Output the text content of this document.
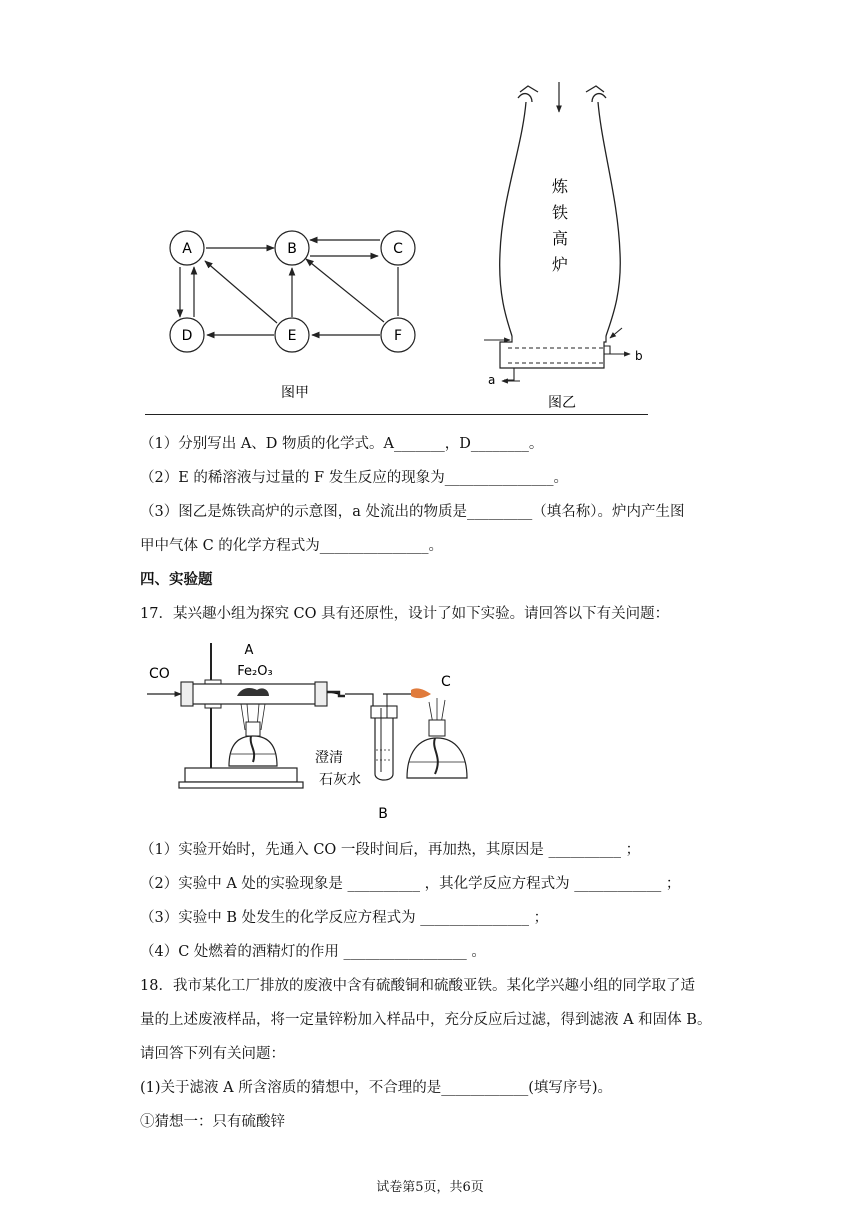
A	B	C
D	E	F
图甲
b
a
炼
铁
高
炉
图乙
（1）分别写出 A、D 物质的化学式。A_______，D________。
（2）E 的稀溶液与过量的 F 发生反应的现象为_______________。
（3）图乙是炼铁高炉的示意图，a 处流出的物质是_________（填名称）。炉内产生图
甲中气体 C 的化学方程式为_______________。
四、实验题
17．某兴趣小组为探究 CO 具有还原性，设计了如下实验。请回答以下有关问题：
CO
A
Fe₂O₃
澄清
石灰水
B
C
（1）实验开始时，先通入 CO 一段时间后，再加热，其原因是 __________ ；
（2）实验中 A 处的实验现象是 __________ ，其化学反应方程式为 ____________ ；
（3）实验中 B 处发生的化学反应方程式为 _______________ ；
（4）C 处燃着的酒精灯的作用 _________________ 。
18．我市某化工厂排放的废液中含有硫酸铜和硫酸亚铁。某化学兴趣小组的同学取了适
量的上述废液样品，将一定量锌粉加入样品中，充分反应后过滤，得到滤液 A 和固体 B。
请回答下列有关问题：
(1)关于滤液 A 所含溶质的猜想中，不合理的是____________(填写序号)。
①猜想一：只有硫酸锌
试卷第5页，共6页
